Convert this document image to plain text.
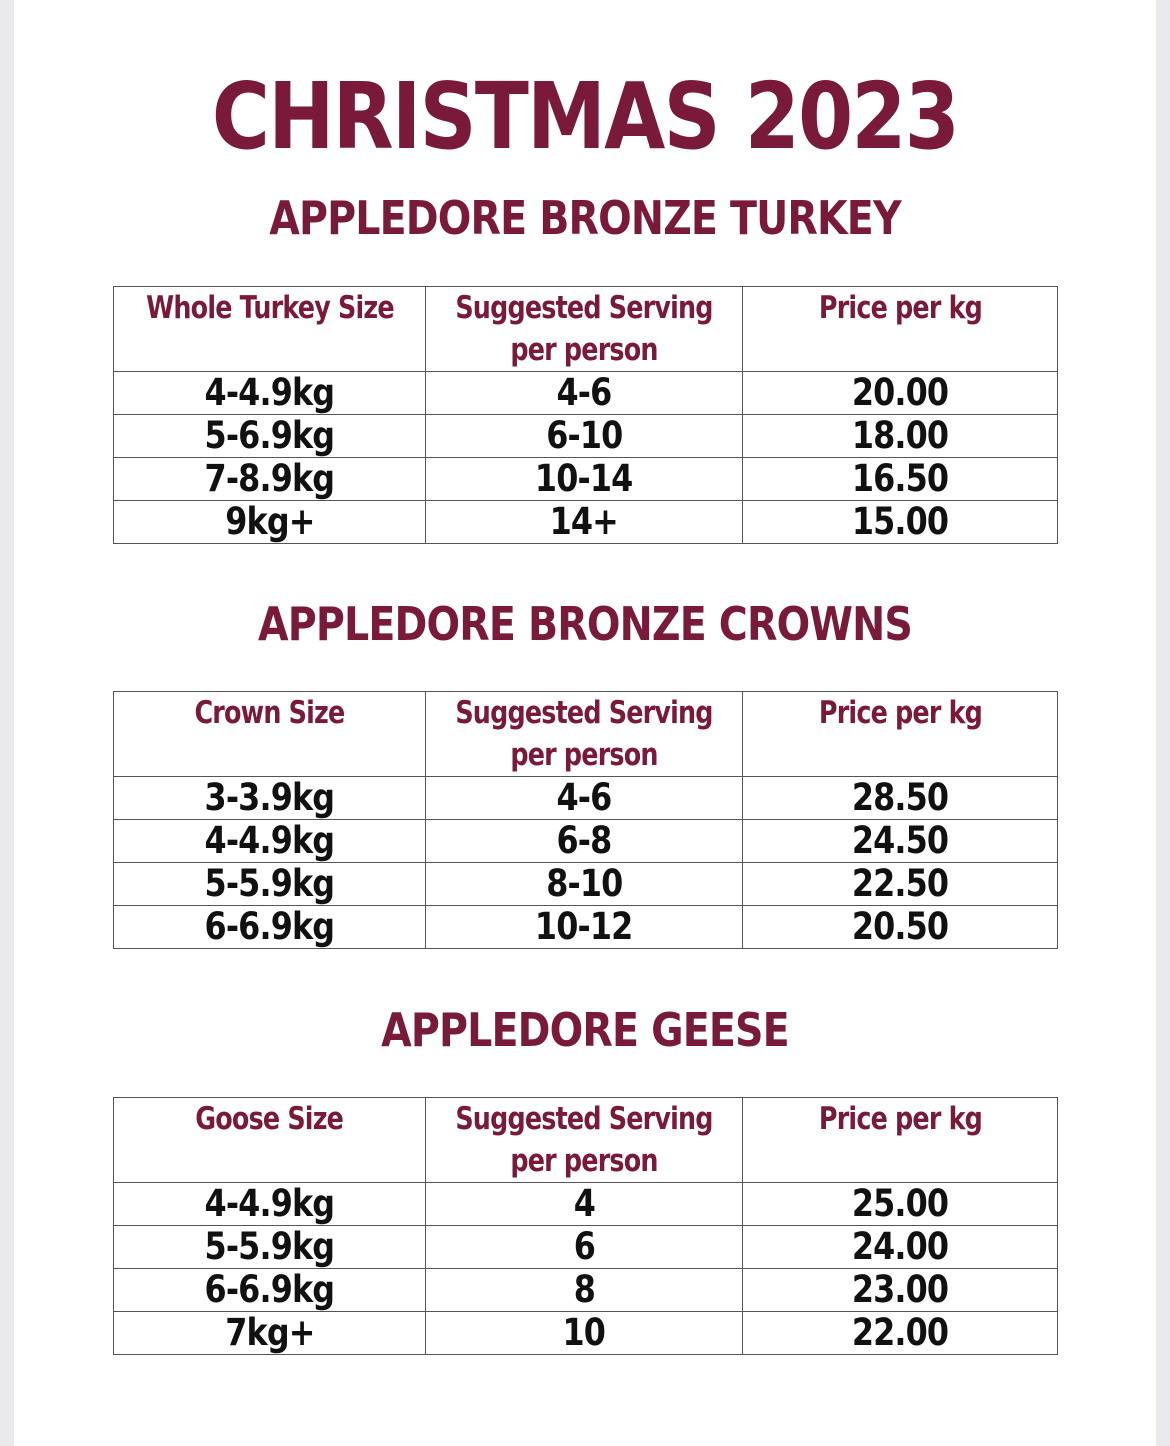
CHRISTMAS 2023
APPLEDORE BRONZE TURKEY
Whole Turkey Size	Suggested Serving per person	Price per kg
4-4.9kg	4-6	20.00
5-6.9kg	6-10	18.00
7-8.9kg	10-14	16.50
9kg+	14+	15.00
APPLEDORE BRONZE CROWNS
Crown Size	Suggested Serving per person	Price per kg
3-3.9kg	4-6	28.50
4-4.9kg	6-8	24.50
5-5.9kg	8-10	22.50
6-6.9kg	10-12	20.50
APPLEDORE GEESE
Goose Size	Suggested Serving per person	Price per kg
4-4.9kg	4	25.00
5-5.9kg	6	24.00
6-6.9kg	8	23.00
7kg+	10	22.00
